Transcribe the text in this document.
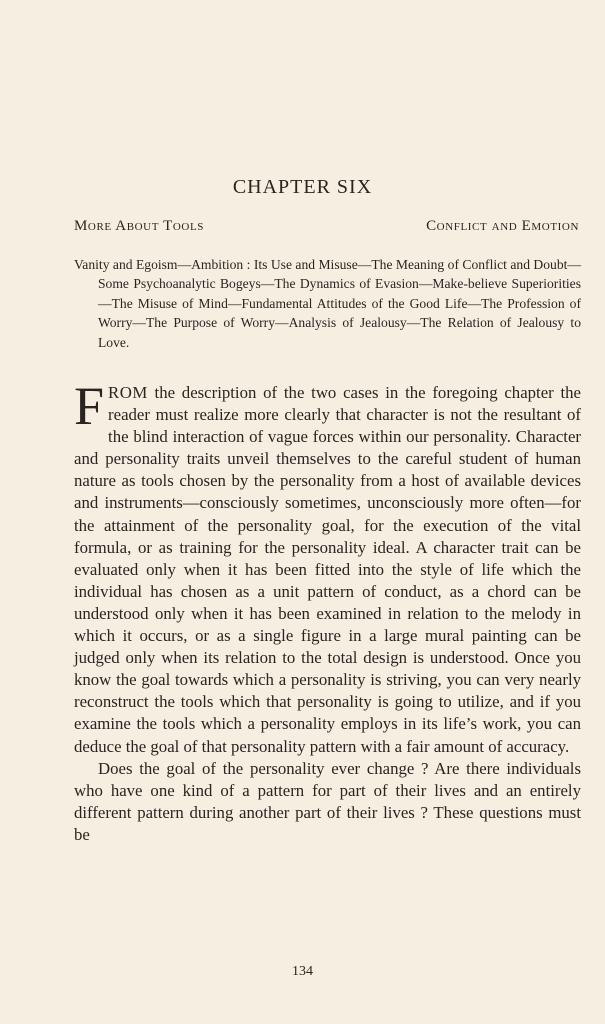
CHAPTER SIX
More About Tools	Conflict and Emotion
Vanity and Egoism—Ambition : Its Use and Misuse—The Meaning of Conflict and Doubt—Some Psychoanalytic Bogeys—The Dynamics of Evasion—Make-believe Superiorities—The Misuse of Mind—Fundamental Attitudes of the Good Life—The Profession of Worry—The Purpose of Worry—Analysis of Jealousy—The Relation of Jealousy to Love.

FROM the description of the two cases in the foregoing chapter the reader must realize more clearly that character is not the resultant of the blind interaction of vague forces within our personality. Character and personality traits unveil themselves to the careful student of human nature as tools chosen by the personality from a host of available devices and instruments—consciously sometimes, unconsciously more often—for the attainment of the personality goal, for the execution of the vital formula, or as training for the personality ideal. A character trait can be evaluated only when it has been fitted into the style of life which the individual has chosen as a unit pattern of conduct, as a chord can be understood only when it has been examined in relation to the melody in which it occurs, or as a single figure in a large mural painting can be judged only when its relation to the total design is understood. Once you know the goal towards which a personality is striving, you can very nearly reconstruct the tools which that personality is going to utilize, and if you examine the tools which a personality employs in its life’s work, you can deduce the goal of that personality pattern with a fair amount of accuracy.

Does the goal of the personality ever change ? Are there individuals who have one kind of a pattern for part of their lives and an entirely different pattern during another part of their lives ? These questions must be

134
